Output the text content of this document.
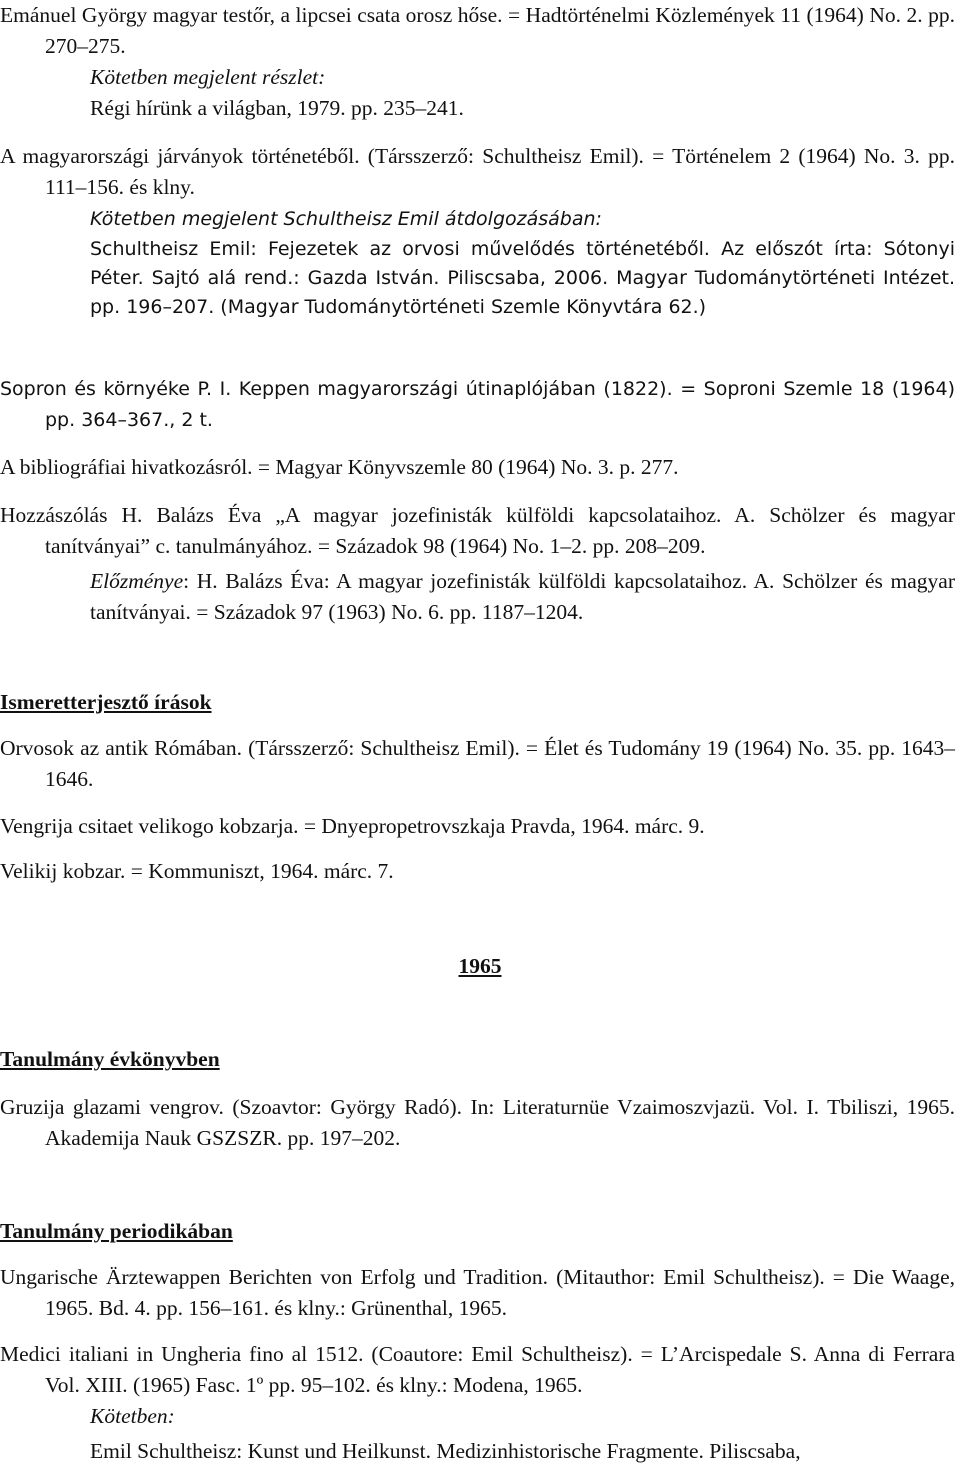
Emánuel György magyar testőr, a lipcsei csata orosz hőse. = Hadtörténelmi Közlemények 11 (1964) No. 2. pp. 270–275.

Kötetben megjelent részlet:

Régi hírünk a világban, 1979. pp. 235–241.

A magyarországi járványok történetéből. (Társszerző: Schultheisz Emil). = Történelem 2 (1964) No. 3. pp. 111–156. és klny.

Kötetben megjelent Schultheisz Emil átdolgozásában:

Schultheisz Emil: Fejezetek az orvosi művelődés történetéből. Az előszót írta: Sótonyi Péter. Sajtó alá rend.: Gazda István. Piliscsaba, 2006. Magyar Tudománytörténeti Intézet. pp. 196–207. (Magyar Tudománytörténeti Szemle Könyvtára 62.)

Sopron és környéke P. I. Keppen magyarországi útinaplójában (1822). = Soproni Szemle 18 (1964) pp. 364–367., 2 t.

A bibliográfiai hivatkozásról. = Magyar Könyvszemle 80 (1964) No. 3. p. 277.

Hozzászólás H. Balázs Éva „A magyar jozefinisták külföldi kapcsolataihoz. A. Schölzer és magyar tanítványai” c. tanulmányához. = Századok 98 (1964) No. 1–2. pp. 208–209.

Előzménye: H. Balázs Éva: A magyar jozefinisták külföldi kapcsolataihoz. A. Schölzer és magyar tanítványai. = Századok 97 (1963) No. 6. pp. 1187–1204.

Ismeretterjesztő írások

Orvosok az antik Rómában. (Társszerző: Schultheisz Emil). = Élet és Tudomány 19 (1964) No. 35. pp. 1643–1646.

Vengrija csitaet velikogo kobzarja. = Dnyepropetrovszkaja Pravda, 1964. márc. 9.

Velikij kobzar. = Kommuniszt, 1964. márc. 7.

1965
Tanulmány évkönyvben

Gruzija glazami vengrov. (Szoavtor: György Radó). In: Literaturnüe Vzaimoszvjazü. Vol. I. Tbiliszi, 1965. Akademija Nauk GSZSZR. pp. 197–202.

Tanulmány periodikában

Ungarische Ärztewappen Berichten von Erfolg und Tradition. (Mitauthor: Emil Schultheisz). = Die Waage, 1965. Bd. 4. pp. 156–161. és klny.: Grünenthal, 1965.

Medici italiani in Ungheria fino al 1512. (Coautore: Emil Schultheisz). = L’Arcispedale S. Anna di Ferrara Vol. XIII. (1965) Fasc. 1º pp. 95–102. és klny.: Modena, 1965.

Kötetben:

Emil Schultheisz: Kunst und Heilkunst. Medizinhistorische Fragmente. Piliscsaba,
